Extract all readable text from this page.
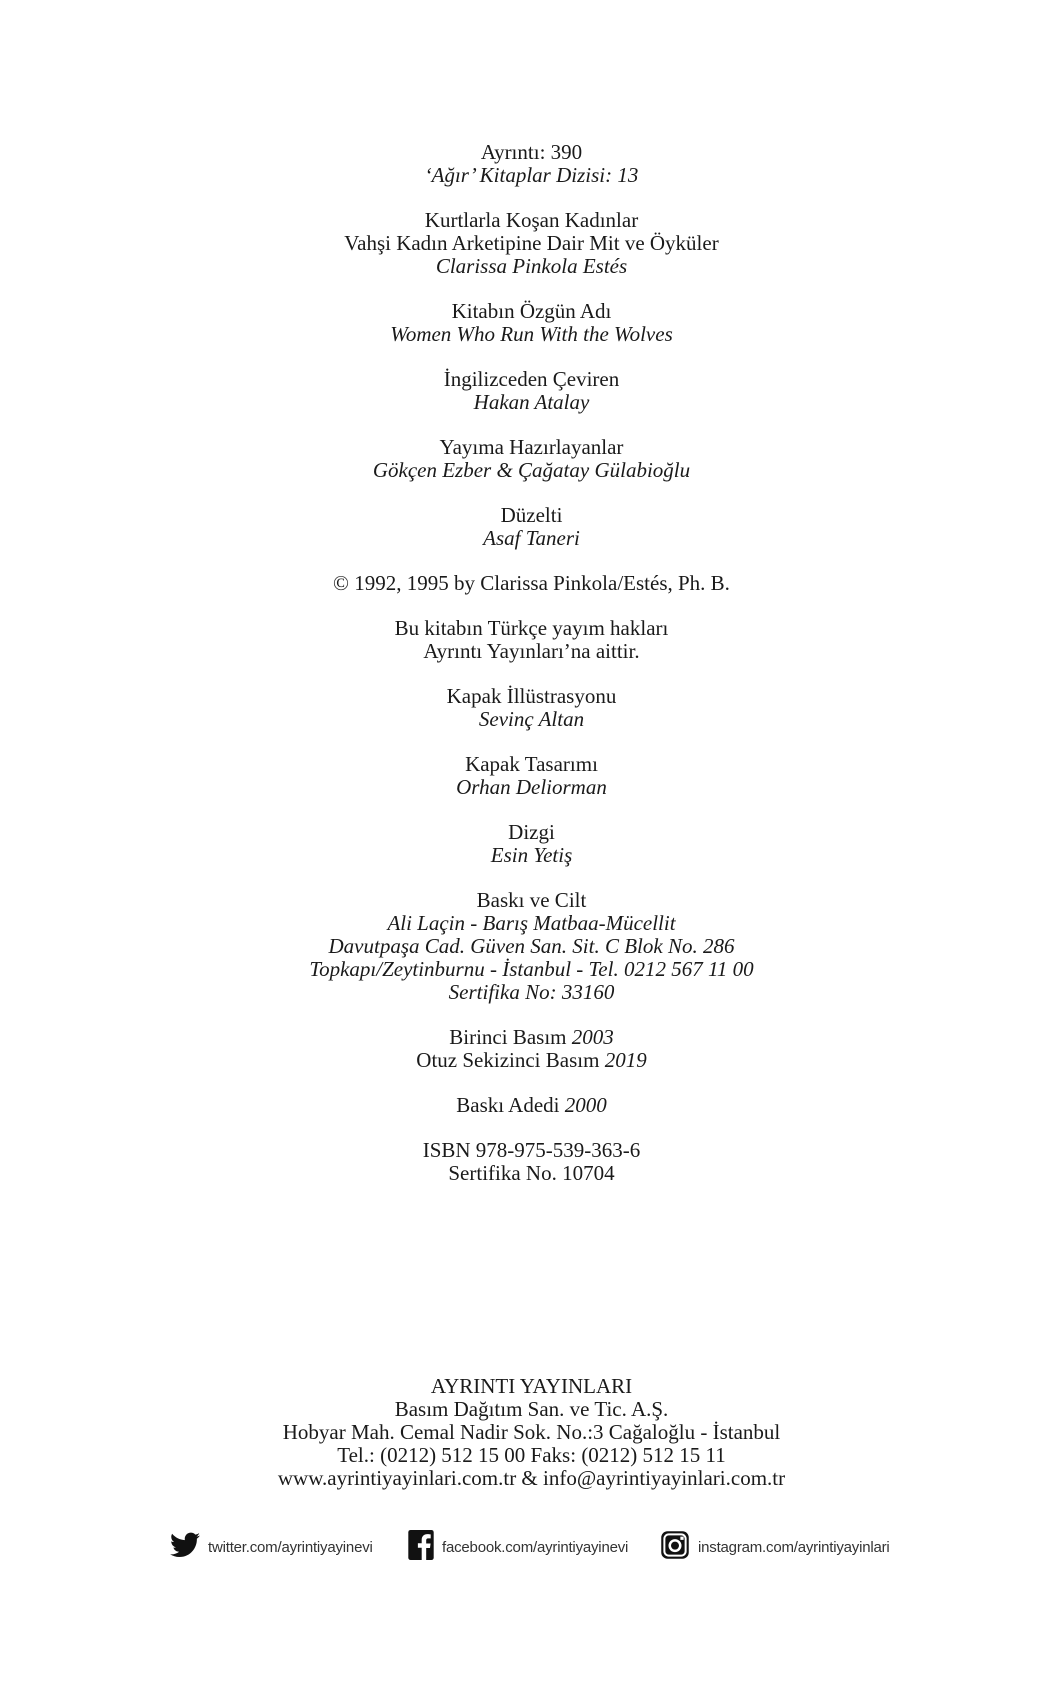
Ayrıntı: 390
‘Ağır’ Kitaplar Dizisi: 13
Kurtlarla Koşan Kadınlar
Vahşi Kadın Arketipine Dair Mit ve Öyküler
Clarissa Pinkola Estés
Kitabın Özgün Adı
Women Who Run With the Wolves
İngilizceden Çeviren
Hakan Atalay
Yayıma Hazırlayanlar
Gökçen Ezber & Çağatay Gülabioğlu
Düzelti
Asaf Taneri
© 1992, 1995 by Clarissa Pinkola/Estés, Ph. B.
Bu kitabın Türkçe yayım hakları
Ayrıntı Yayınları’na aittir.
Kapak İllüstrasyonu
Sevinç Altan
Kapak Tasarımı
Orhan Deliorman
Dizgi
Esin Yetiş
Baskı ve Cilt
Ali Laçin - Barış Matbaa-Mücellit
Davutpaşa Cad. Güven San. Sit. C Blok No. 286
Topkapı/Zeytinburnu - İstanbul - Tel. 0212 567 11 00
Sertifika No: 33160
Birinci Basım 2003
Otuz Sekizinci Basım 2019
Baskı Adedi 2000
ISBN 978-975-539-363-6
Sertifika No. 10704
AYRINTI YAYINLARI
Basım Dağıtım San. ve Tic. A.Ş.
Hobyar Mah. Cemal Nadir Sok. No.:3 Cağaloğlu - İstanbul
Tel.: (0212) 512 15 00 Faks: (0212) 512 15 11
www.ayrintiyayinlari.com.tr & info@ayrintiyayinlari.com.tr
twitter.com/ayrintiyayinevi	facebook.com/ayrintiyayinevi	instagram.com/ayrintiyayinlari
